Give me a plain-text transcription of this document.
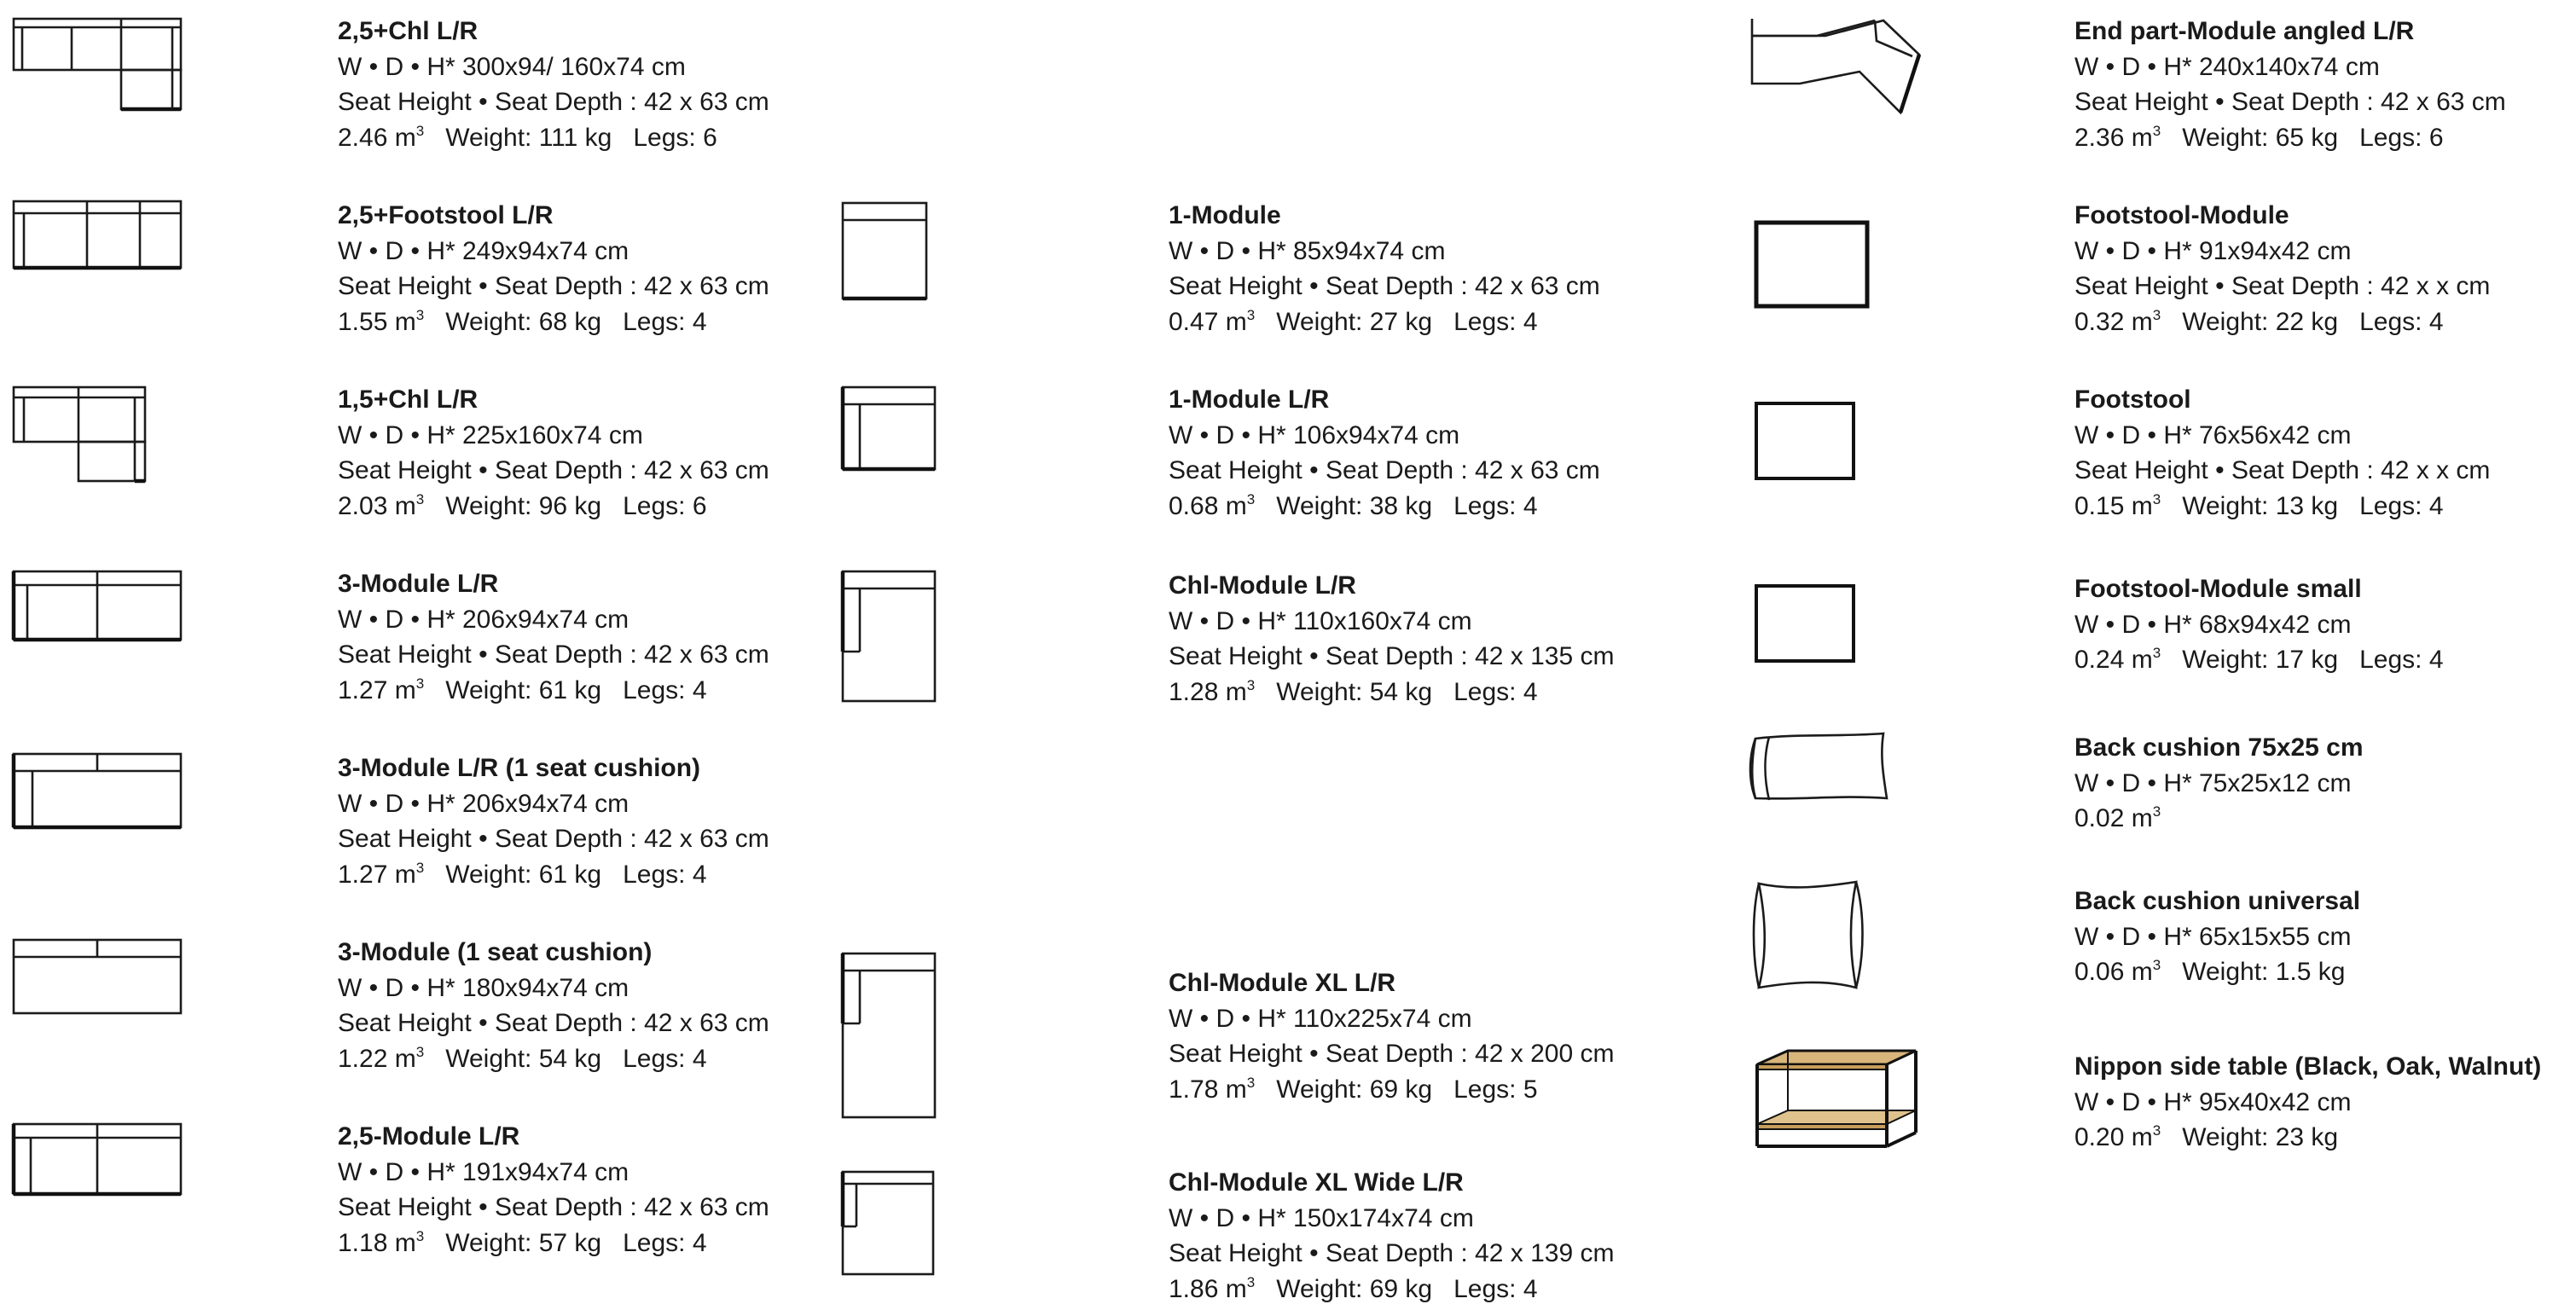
2,5+Chl L/R
W • D • H* 300x94/ 160x74 cm
Seat Height • Seat Depth : 42 x 63 cm
2.46 $m^3$ Weight: 111 kg Legs: 6
2,5+Footstool L/R
W • D • H* 249x94x74 cm
Seat Height • Seat Depth : 42 x 63 cm
1.55 $m^3$ Weight: 68 kg Legs: 4
1,5+Chl L/R
W • D • H* 225x160x74 cm
Seat Height • Seat Depth : 42 x 63 cm
2.03 $m^3$ Weight: 96 kg Legs: 6
3-Module L/R
W • D • H* 206x94x74 cm
Seat Height • Seat Depth : 42 x 63 cm
1.27 $m^3$ Weight: 61 kg Legs: 4
3-Module L/R (1 seat cushion)
W • D • H* 206x94x74 cm
Seat Height • Seat Depth : 42 x 63 cm
1.27 $m^3$ Weight: 61 kg Legs: 4
3-Module (1 seat cushion)
W • D • H* 180x94x74 cm
Seat Height • Seat Depth : 42 x 63 cm
1.22 $m^3$ Weight: 54 kg Legs: 4
2,5-Module L/R
W • D • H* 191x94x74 cm
Seat Height • Seat Depth : 42 x 63 cm
1.18 $m^3$ Weight: 57 kg Legs: 4
1-Module
W • D • H* 85x94x74 cm
Seat Height • Seat Depth : 42 x 63 cm
0.47 $m^3$ Weight: 27 kg Legs: 4
1-Module L/R
W • D • H* 106x94x74 cm
Seat Height • Seat Depth : 42 x 63 cm
0.68 $m^3$ Weight: 38 kg Legs: 4
Chl-Module L/R
W • D • H* 110x160x74 cm
Seat Height • Seat Depth : 42 x 135 cm
1.28 $m^3$ Weight: 54 kg Legs: 4
Chl-Module XL L/R
W • D • H* 110x225x74 cm
Seat Height • Seat Depth : 42 x 200 cm
1.78 $m^3$ Weight: 69 kg Legs: 5
Chl-Module XL Wide L/R
W • D • H* 150x174x74 cm
Seat Height • Seat Depth : 42 x 139 cm
1.86 $m^3$ Weight: 69 kg Legs: 4
End part-Module angled L/R
W • D • H* 240x140x74 cm
Seat Height • Seat Depth : 42 x 63 cm
2.36 $m^3$ Weight: 65 kg Legs: 6
Footstool-Module
W • D • H* 91x94x42 cm
Seat Height • Seat Depth : 42 x x cm
0.32 $m^3$ Weight: 22 kg Legs: 4
Footstool
W • D • H* 76x56x42 cm
Seat Height • Seat Depth : 42 x x cm
0.15 $m^3$ Weight: 13 kg Legs: 4
Footstool-Module small
W • D • H* 68x94x42 cm
0.24 $m^3$ Weight: 17 kg Legs: 4
Back cushion 75x25 cm
W • D • H* 75x25x12 cm
0.02 $m^3$
Back cushion universal
W • D • H* 65x15x55 cm
0.06 $m^3$ Weight: 1.5 kg
Nippon side table (Black, Oak, Walnut)
W • D • H* 95x40x42 cm
0.20 $m^3$ Weight: 23 kg
